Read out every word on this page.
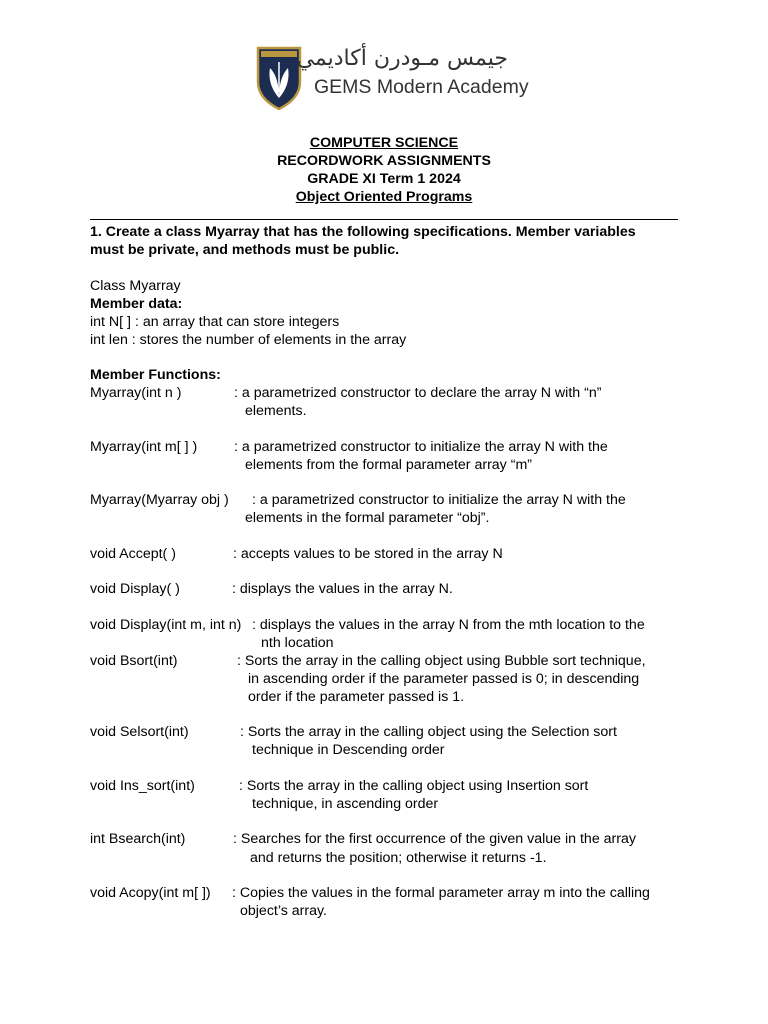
جيمس مـودرن أكاديمي
GEMS Modern Academy
COMPUTER SCIENCE
RECORDWORK ASSIGNMENTS
GRADE XI Term 1 2024
Object Oriented Programs
1. Create a class Myarray that has the following specifications. Member variables
must be private, and methods must be public.
Class Myarray
Member data:
int N[ ] : an array that can store integers
int len : stores the number of elements in the array
Member Functions:
Myarray(int n )	: a parametrized constructor to declare the array N with “n”
elements.
Myarray(int m[ ] )	: a parametrized constructor to initialize the array N with the
elements from the formal parameter array “m”
Myarray(Myarray obj ) : a parametrized constructor to initialize the array N with the
elements in the formal parameter “obj”.
void Accept( )	: accepts values to be stored in the array N
void Display( )	: displays the values in the array N.
void Display(int m, int n) : displays the values in the array N from the mth location to the
nth location
void Bsort(int)	: Sorts the array in the calling object using Bubble sort technique,
in ascending order if the parameter passed is 0; in descending
order if the parameter passed is 1.
void Selsort(int)	: Sorts the array in the calling object using the Selection sort
technique in Descending order
void Ins_sort(int)	: Sorts the array in the calling object using Insertion sort
technique, in ascending order
int Bsearch(int)	: Searches for the first occurrence of the given value in the array
and returns the position; otherwise it returns -1.
void Acopy(int m[ ]) : Copies the values in the formal parameter array m into the calling
object’s array.
